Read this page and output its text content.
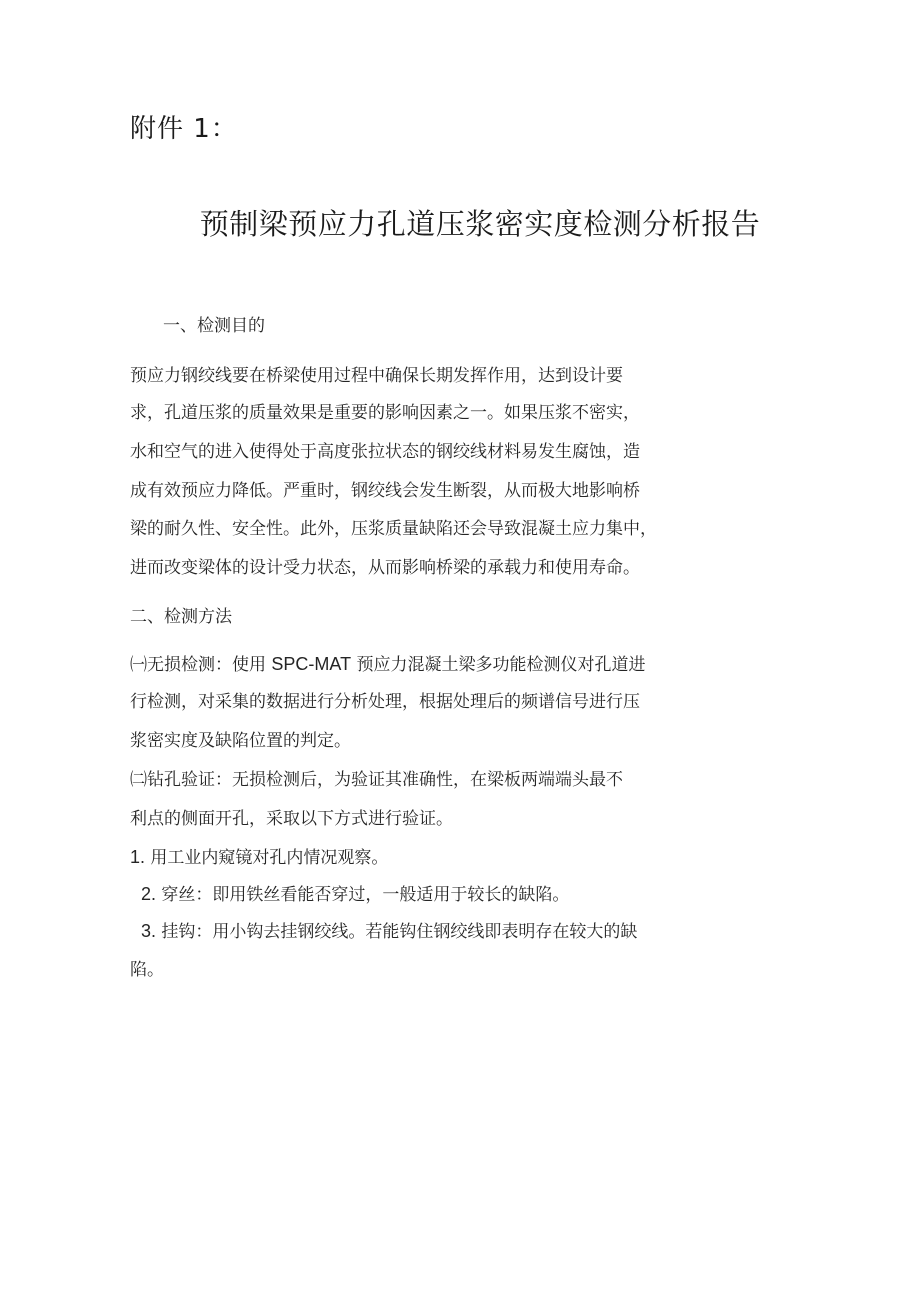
附件 1：
预制梁预应力孔道压浆密实度检测分析报告
一、检测目的
预应力钢绞线要在桥梁使用过程中确保长期发挥作用，达到设计要
求，孔道压浆的质量效果是重要的影响因素之一。如果压浆不密实，
水和空气的进入使得处于高度张拉状态的钢绞线材料易发生腐蚀，造
成有效预应力降低。严重时，钢绞线会发生断裂，从而极大地影响桥
梁的耐久性、安全性。此外，压浆质量缺陷还会导致混凝土应力集中，
进而改变梁体的设计受力状态，从而影响桥梁的承载力和使用寿命。
二、检测方法
㈠无损检测：使用 SPC-MAT 预应力混凝土梁多功能检测仪对孔道进
行检测，对采集的数据进行分析处理，根据处理后的频谱信号进行压
浆密实度及缺陷位置的判定。
㈡钻孔验证：无损检测后，为验证其准确性，在梁板两端端头最不
利点的侧面开孔，采取以下方式进行验证。
1. 用工业内窥镜对孔内情况观察。
2. 穿丝：即用铁丝看能否穿过，一般适用于较长的缺陷。
3. 挂钩：用小钩去挂钢绞线。若能钩住钢绞线即表明存在较大的缺
陷。
